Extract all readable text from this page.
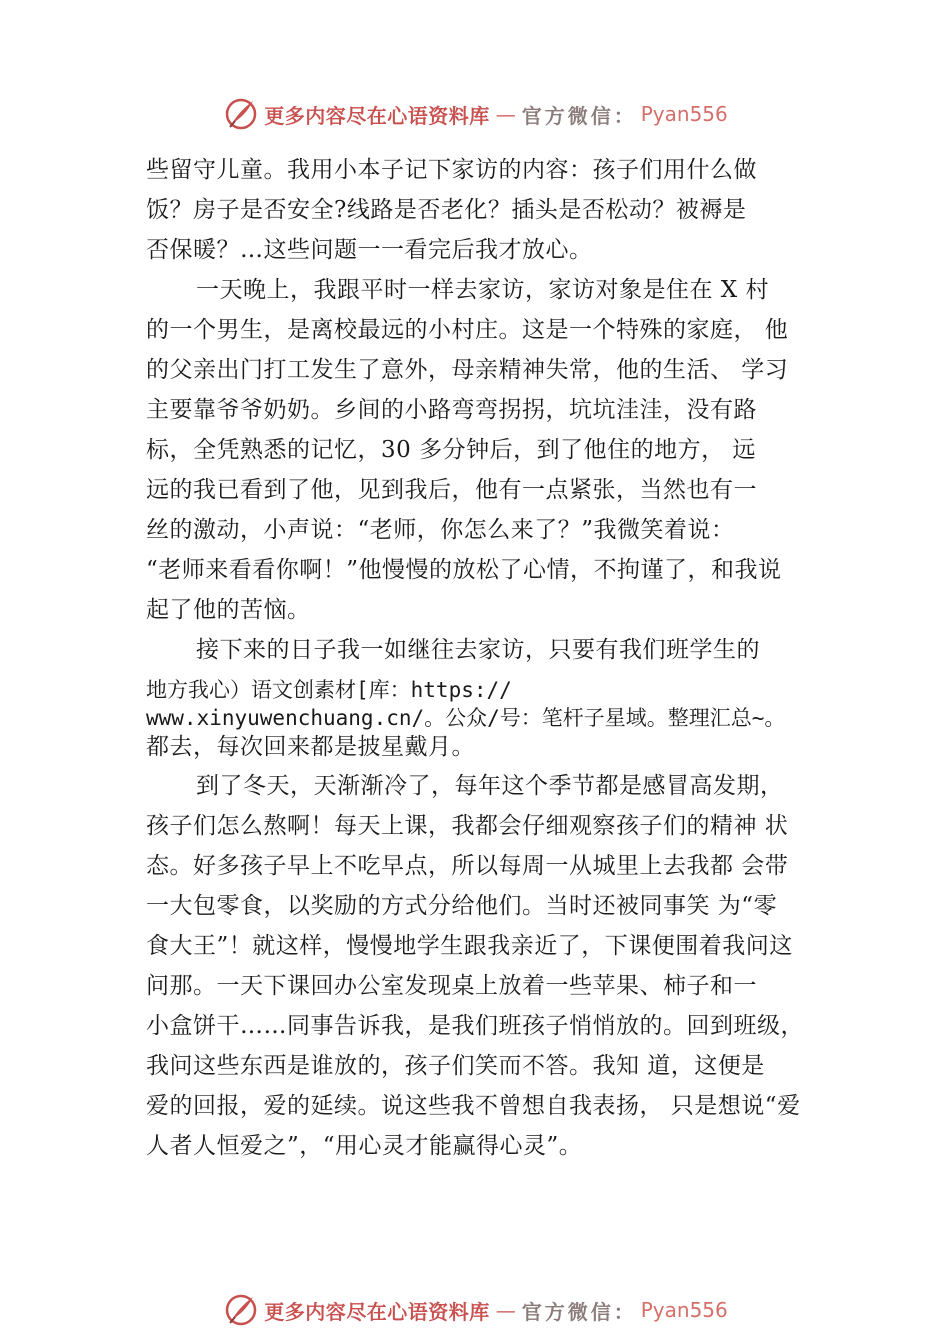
更多内容尽在心语资料库 — 官方微信： Pyan556
些留守儿童。我用小本子记下家访的内容：孩子们用什么做
饭？房子是否安全?线路是否老化？插头是否松动？被褥是
否保暖？…这些问题一一看完后我才放心。
一天晚上，我跟平时一样去家访，家访对象是住在 X 村
的一个男生，是离校最远的小村庄。这是一个特殊的家庭， 他
的父亲出门打工发生了意外，母亲精神失常，他的生活、 学习
主要靠爷爷奶奶。乡间的小路弯弯拐拐，坑坑洼洼，没有路
标，全凭熟悉的记忆，30 多分钟后，到了他住的地方， 远
远的我已看到了他，见到我后，他有一点紧张，当然也有一
丝的激动，小声说：“老师，你怎么来了？”我微笑着说：
“老师来看看你啊！”他慢慢的放松了心情，不拘谨了，和我说
起了他的苦恼。
接下来的日子我一如继往去家访，只要有我们班学生的
地方我心）语文创素材[库：https://
www.xinyuwenchuang.cn/。公众/号：笔杆子星域。整理汇总~。
都去，每次回来都是披星戴月。
到了冬天，天渐渐冷了，每年这个季节都是感冒高发期，
孩子们怎么熬啊！每天上课，我都会仔细观察孩子们的精神 状
态。好多孩子早上不吃早点，所以每周一从城里上去我都 会带
一大包零食，以奖励的方式分给他们。当时还被同事笑 为“零
食大王”！就这样，慢慢地学生跟我亲近了，下课便围着我问这
问那。一天下课回办公室发现桌上放着一些苹果、柿子和一
小盒饼干……同事告诉我，是我们班孩子悄悄放的。回到班级，
我问这些东西是谁放的，孩子们笑而不答。我知 道，这便是
爱的回报，爱的延续。说这些我不曾想自我表扬， 只是想说“爱
人者人恒爱之”，“用心灵才能赢得心灵”。
更多内容尽在心语资料库 — 官方微信： Pyan556
